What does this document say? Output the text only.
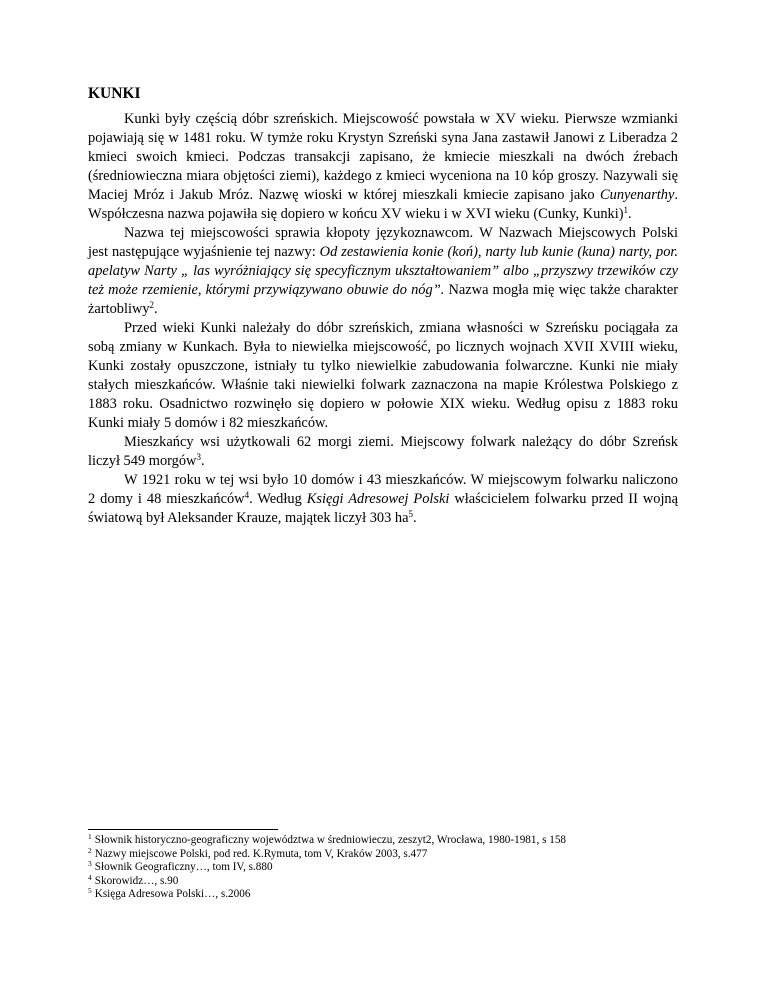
KUNKI

Kunki były częścią dóbr szreńskich. Miejscowość powstała w XV wieku. Pierwsze wzmianki pojawiają się w 1481 roku. W tymże roku Krystyn Szreński syna Jana zastawił Janowi z Liberadza 2 kmieci swoich kmieci. Podczas transakcji zapisano, że kmiecie mieszkali na dwóch źrebach (średniowieczna miara objętości ziemi), każdego z kmieci wyceniona na 10 kóp groszy. Nazywali się Maciej Mróz i Jakub Mróz. Nazwę wioski w której mieszkali kmiecie zapisano jako Cunyenarthy. Współczesna nazwa pojawiła się dopiero w końcu XV wieku i w XVI wieku (Cunky, Kunki)$^1$.

Nazwa tej miejscowości sprawia kłopoty językoznawcom. W Nazwach Miejscowych Polski jest następujące wyjaśnienie tej nazwy: Od zestawienia konie (koń), narty lub kunie (kuna) narty, por. apelatyw Narty „ las wyróżniający się specyficznym ukształtowaniem” albo „przyszwy trzewików czy też może rzemienie, którymi przywiązywano obuwie do nóg”. Nazwa mogła mię więc także charakter żartobliwy$^2$.

Przed wieki Kunki należały do dóbr szreńskich, zmiana własności w Szreńsku pociągała za sobą zmiany w Kunkach. Była to niewielka miejscowość, po licznych wojnach XVII XVIII wieku, Kunki zostały opuszczone, istniały tu tylko niewielkie zabudowania folwarczne. Kunki nie miały stałych mieszkańców. Właśnie taki niewielki folwark zaznaczona na mapie Królestwa Polskiego z 1883 roku. Osadnictwo rozwinęło się dopiero w połowie XIX wieku. Według opisu z 1883 roku Kunki miały 5 domów i 82 mieszkańców.

Mieszkańcy wsi użytkowali 62 morgi ziemi. Miejscowy folwark należący do dóbr Szreńsk liczył 549 morgów$^3$.

W 1921 roku w tej wsi było 10 domów i 43 mieszkańców. W miejscowym folwarku naliczono 2 domy i 48 mieszkańców$^4$. Według Księgi Adresowej Polski właścicielem folwarku przed II wojną światową był Aleksander Krauze, majątek liczył 303 $ha^5$.

$^1$ Słownik historyczno-geograficzny województwa w średniowieczu, zeszyt2, Wrocława, 1980-1981, s 158
$^2$ Nazwy miejscowe Polski, pod red. K.Rymuta, tom V, Kraków 2003, s.477
$^3$ Słownik Geograficzny…, tom IV, s.880
$^4$ Skorowidz…, s.90
$^5$ Księga Adresowa Polski…, s.2006
